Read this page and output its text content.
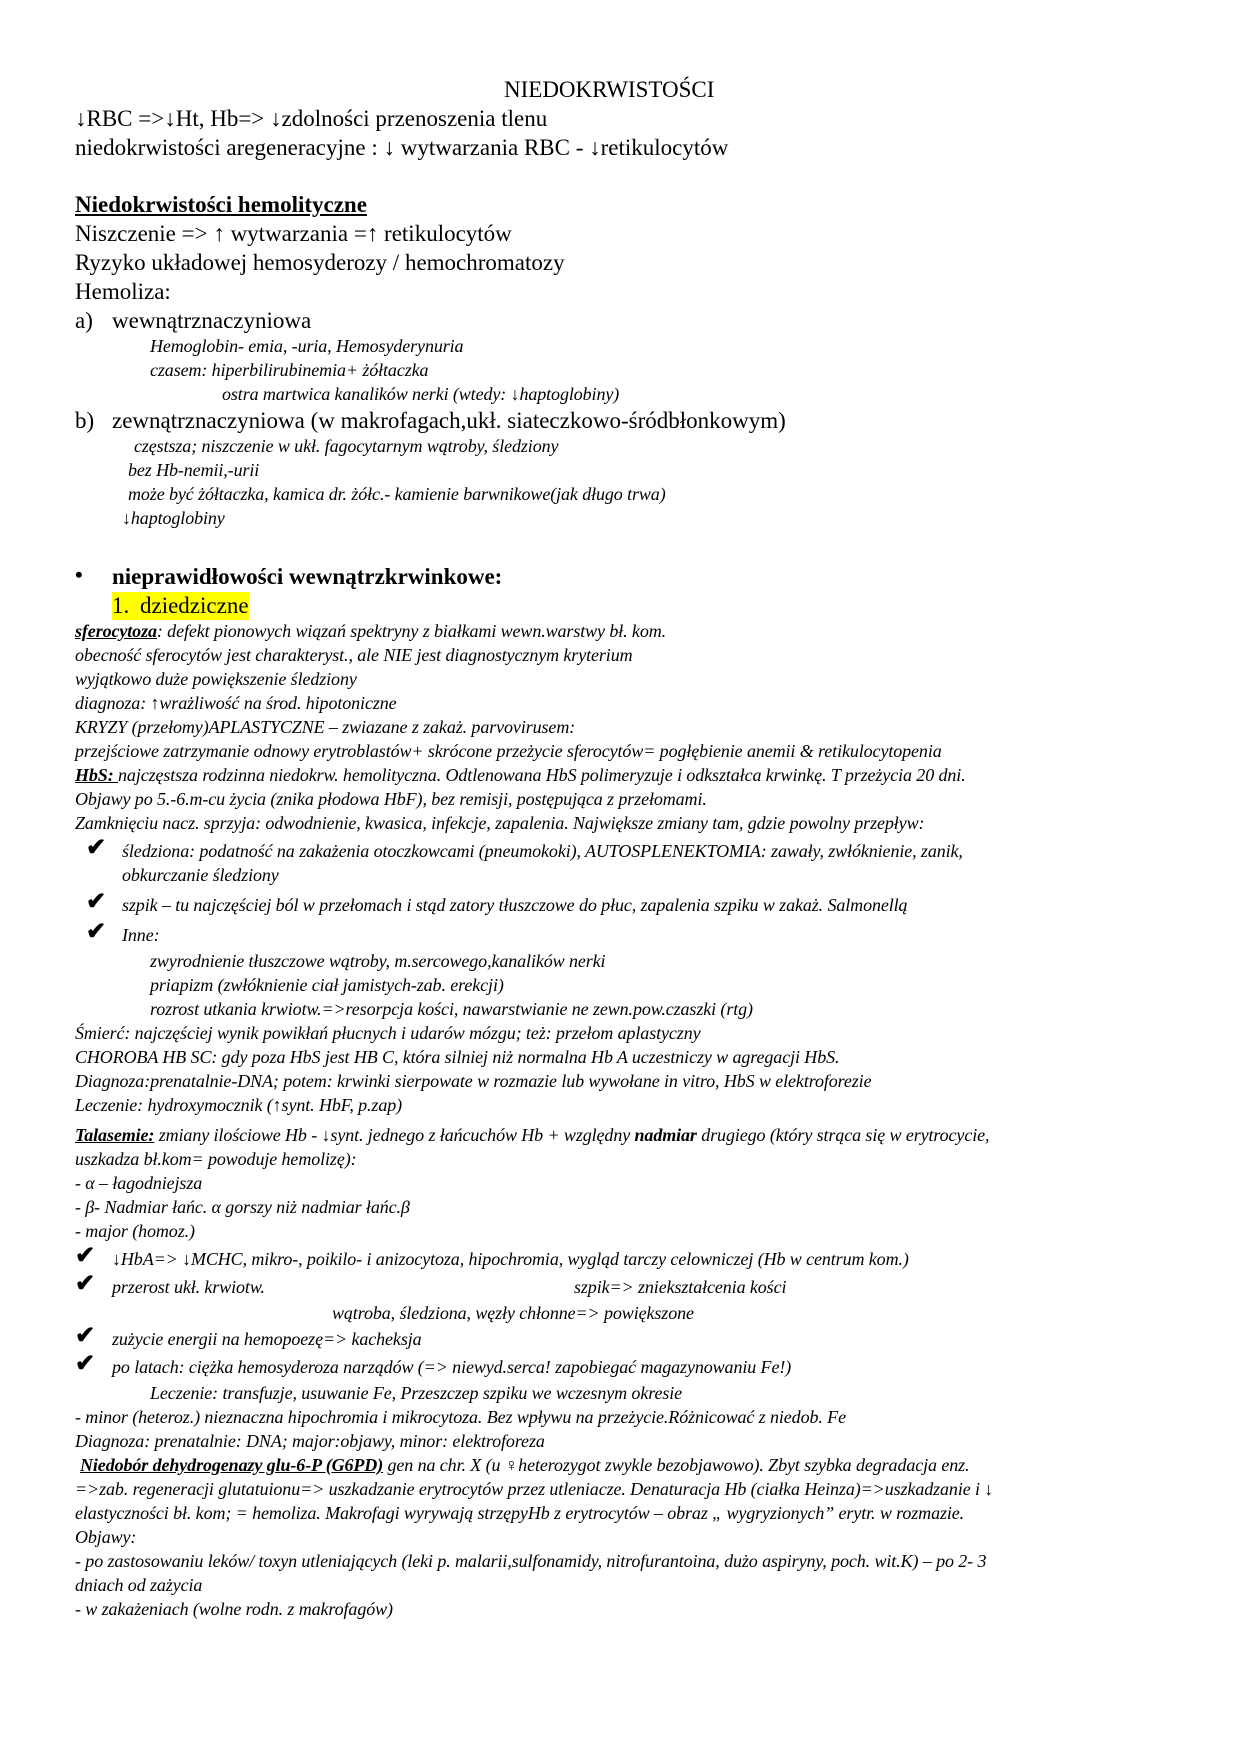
NIEDOKRWISTOŚCI
↓RBC =>↓Ht, Hb=> ↓zdolności przenoszenia tlenu
niedokrwistości aregeneracyjne : ↓ wytwarzania RBC - ↓retikulocytów
Niedokrwistości hemolityczne
Niszczenie => ↑ wytwarzania =↑ retikulocytów
Ryzyko układowej hemosyderozy / hemochromatozy
Hemoliza:
a) wewnątrznaczyniowa
Hemoglobin- emia, -uria, Hemosyderynuria
czasem: hiperbilirubinemia+ żółtaczka
ostra martwica kanalików nerki (wtedy: ↓haptoglobiny)
b) zewnątrznaczyniowa (w makrofagach,ukł. siateczkowo-śródbłonkowym)
częstsza; niszczenie w ukł. fagocytarnym wątroby, śledziony
bez Hb-nemii,-urii
może być żółtaczka, kamica dr. żółc.- kamienie barwnikowe(jak długo trwa)
↓haptoglobiny
• nieprawidłowości wewnątrzkrwinkowe:
1. dziedziczne
sferocytoza: defekt pionowych wiązań spektryny z białkami wewn.warstwy bł. kom.
obecność sferocytów jest charakteryst., ale NIE jest diagnostycznym kryterium
wyjątkowo duże powiększenie śledziony
diagnoza: ↑wrażliwość na środ. hipotoniczne
KRYZY (przełomy)APLASTYCZNE – zwiazane z zakaż. parvovirusem:
przejściowe zatrzymanie odnowy erytroblastów+ skrócone przeżycie sferocytów= pogłębienie anemii & retikulocytopenia
HbS: najczęstsza rodzinna niedokrw. hemolityczna. Odtlenowana HbS polimeryzuje i odkształca krwinkę. T przeżycia 20 dni.
Objawy po 5.-6.m-cu życia (znika płodowa HbF), bez remisji, postępująca z przełomami.
Zamknięciu nacz. sprzyja: odwodnienie, kwasica, infekcje, zapalenia. Największe zmiany tam, gdzie powolny przepływ:
✔ śledziona: podatność na zakażenia otoczkowcami (pneumokoki), AUTOSPLENEKTOMIA: zawały, zwłóknienie, zanik,
obkurczanie śledziony
✔ szpik – tu najczęściej ból w przełomach i stąd zatory tłuszczowe do płuc, zapalenia szpiku w zakaż. Salmonellą
✔ Inne:
zwyrodnienie tłuszczowe wątroby, m.sercowego,kanalików nerki
priapizm (zwłóknienie ciał jamistych-zab. erekcji)
rozrost utkania krwiotw.=>resorpcja kości, nawarstwianie ne zewn.pow.czaszki (rtg)
Śmierć: najczęściej wynik powikłań płucnych i udarów mózgu; też: przełom aplastyczny
CHOROBA HB SC: gdy poza HbS jest HB C, która silniej niż normalna Hb A uczestniczy w agregacji HbS.
Diagnoza:prenatalnie-DNA; potem: krwinki sierpowate w rozmazie lub wywołane in vitro, HbS w elektroforezie
Leczenie: hydroxymocznik (↑synt. HbF, p.zap)
Talasemie: zmiany ilościowe Hb - ↓synt. jednego z łańcuchów Hb + względny nadmiar drugiego (który strąca się w erytrocycie,
uszkadza bł.kom= powoduje hemolizę):
- α – łagodniejsza
- β- Nadmiar łańc. α gorszy niż nadmiar łańc.β
- major (homoz.)
✔ ↓HbA=> ↓MCHC, mikro-, poikilo- i anizocytoza, hipochromia, wygląd tarczy celowniczej (Hb w centrum kom.)
✔ przerost ukł. krwiotw.	szpik=> zniekształcenia kości
wątroba, śledziona, węzły chłonne=> powiększone
✔ zużycie energii na hemopoezę=> kacheksja
✔ po latach: ciężka hemosyderoza narządów (=> niewyd.serca! zapobiegać magazynowaniu Fe!)
Leczenie: transfuzje, usuwanie Fe, Przeszczep szpiku we wczesnym okresie
- minor (heteroz.) nieznaczna hipochromia i mikrocytoza. Bez wpływu na przeżycie.Różnicować z niedob. Fe
Diagnoza: prenatalnie: DNA; major:objawy, minor: elektroforeza
Niedobór dehydrogenazy glu-6-P (G6PD) gen na chr. X (u ♀heterozygot zwykle bezobjawowo). Zbyt szybka degradacja enz.
=>zab. regeneracji glutatuionu=> uszkadzanie erytrocytów przez utleniacze. Denaturacja Hb (ciałka Heinza)=>uszkadzanie i ↓
elastyczności bł. kom; = hemoliza. Makrofagi wyrywają strzępyHb z erytrocytów – obraz „ wygryzionych” erytr. w rozmazie.
Objawy:
- po zastosowaniu leków/ toxyn utleniających (leki p. malarii,sulfonamidy, nitrofurantoina, dużo aspiryny, poch. wit.K) – po 2- 3
dniach od zażycia
- w zakażeniach (wolne rodn. z makrofagów)
